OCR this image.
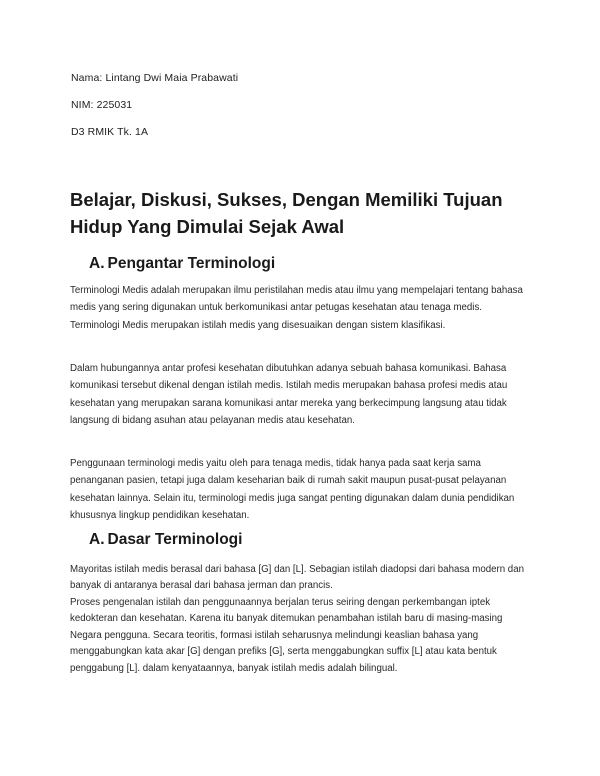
Nama: Lintang Dwi Maia Prabawati
NIM: 225031
D3 RMIK Tk. 1A
Belajar, Diskusi, Sukses, Dengan Memiliki Tujuan Hidup Yang Dimulai Sejak Awal
A. Pengantar Terminologi

Terminologi Medis adalah merupakan ilmu peristilahan medis atau ilmu yang mempelajari tentang bahasa medis yang sering digunakan untuk berkomunikasi antar petugas kesehatan atau tenaga medis. Terminologi Medis merupakan istilah medis yang disesuaikan dengan sistem klasifikasi.

Dalam hubungannya antar profesi kesehatan dibutuhkan adanya sebuah bahasa komunikasi. Bahasa komunikasi tersebut dikenal dengan istilah medis. Istilah medis merupakan bahasa profesi medis atau kesehatan yang merupakan sarana komunikasi antar mereka yang berkecimpung langsung atau tidak langsung di bidang asuhan atau pelayanan medis atau kesehatan.

Penggunaan terminologi medis yaitu oleh para tenaga medis, tidak hanya pada saat kerja sama penanganan pasien, tetapi juga dalam keseharian baik di rumah sakit maupun pusat-pusat pelayanan kesehatan lainnya. Selain itu, terminologi medis juga sangat penting digunakan dalam dunia pendidikan khususnya lingkup pendidikan kesehatan.

A. Dasar Terminologi

Mayoritas istilah medis berasal dari bahasa [G] dan [L]. Sebagian istilah diadopsi dari bahasa modern dan banyak di antaranya berasal dari bahasa jerman dan prancis.

Proses pengenalan istilah dan penggunaannya berjalan terus seiring dengan perkembangan iptek kedokteran dan kesehatan. Karena itu banyak ditemukan penambahan istilah baru di masing-masing Negara pengguna. Secara teoritis, formasi istilah seharusnya melindungi keaslian bahasa yang menggabungkan kata akar [G] dengan prefiks [G], serta menggabungkan suffix [L] atau kata bentuk penggabung [L]. dalam kenyataannya, banyak istilah medis adalah bilingual.
